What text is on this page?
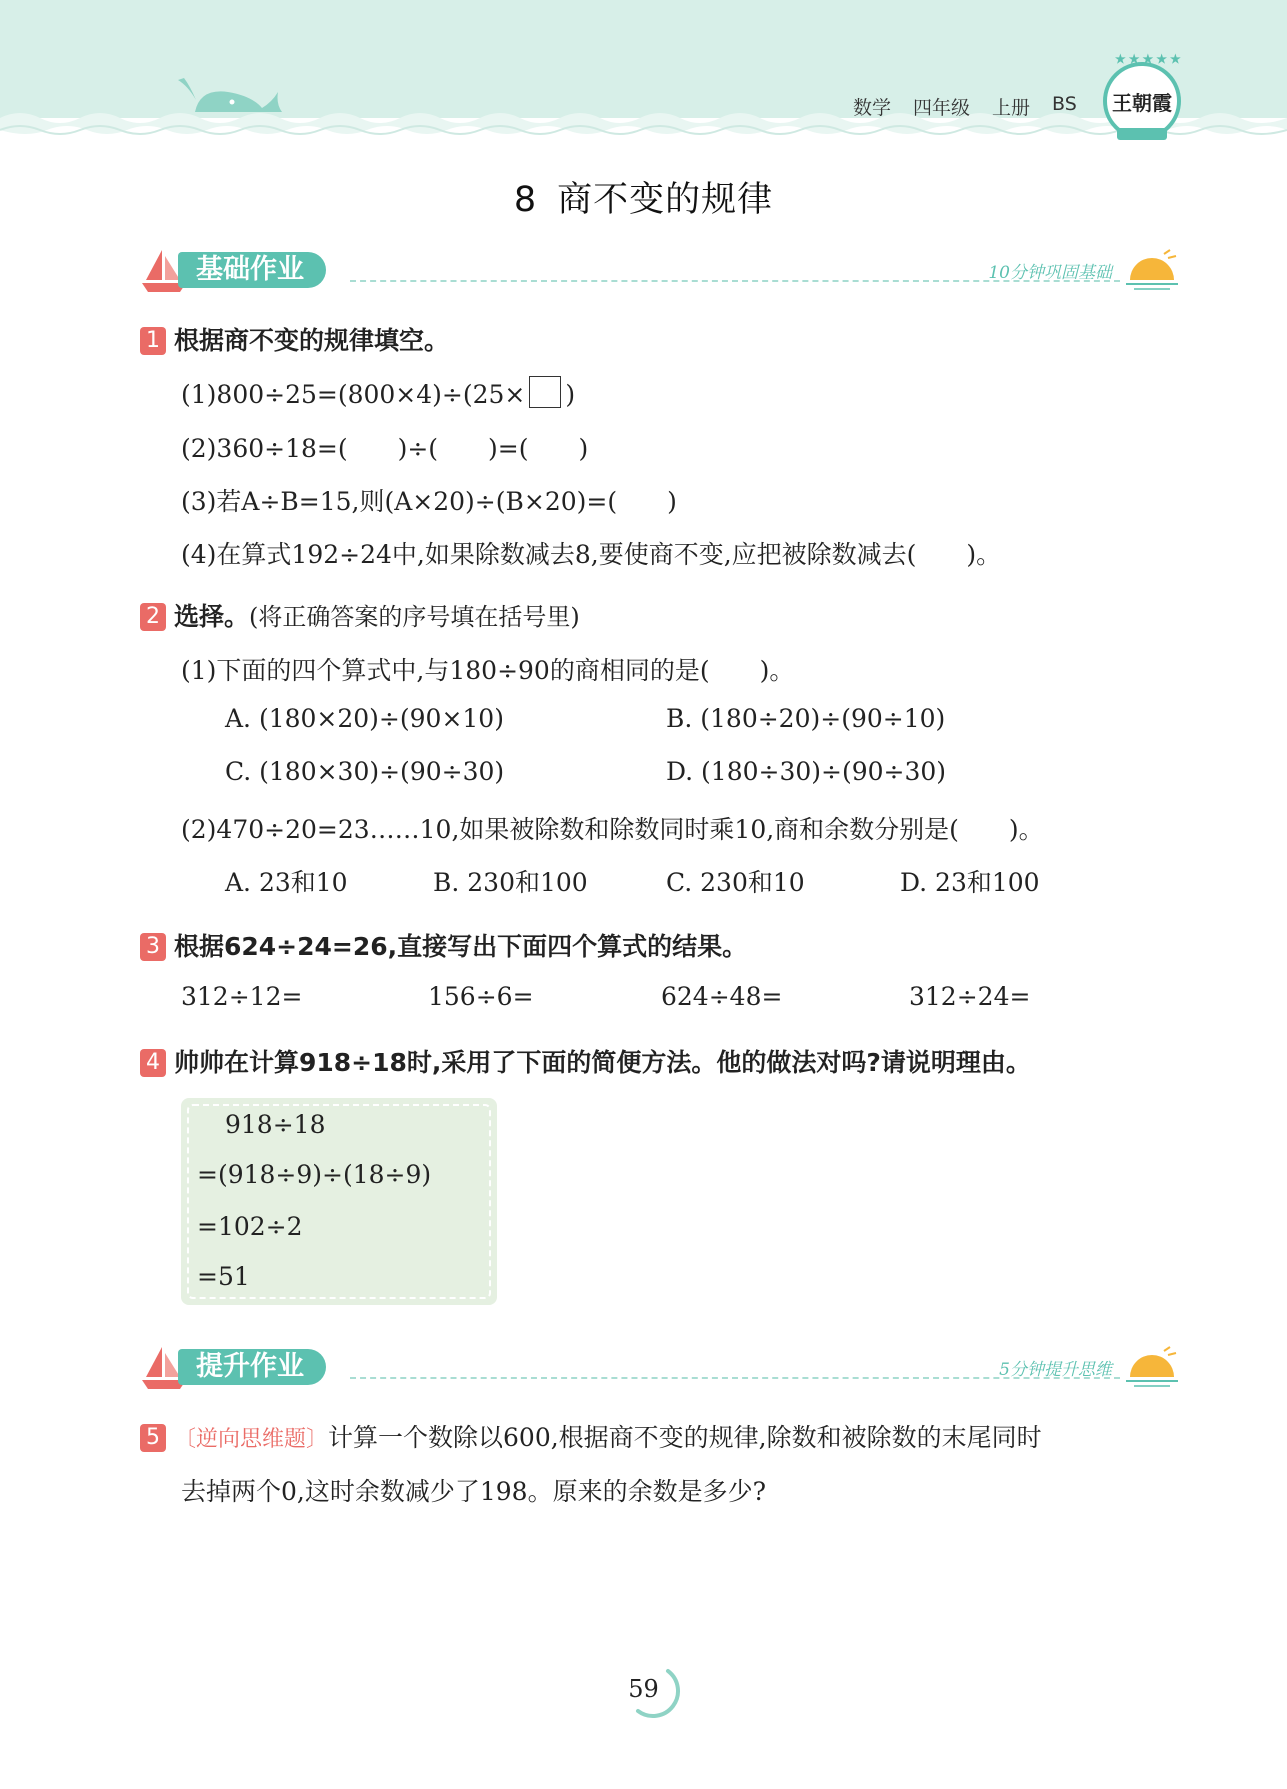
数学 四年级 上册 BS
★★★★★
王朝霞
8 商不变的规律
基础作业	10分钟巩固基础
1 根据商不变的规律填空。
(1)800÷25=(800×4)÷(25× )
(2)360÷18=(　　)÷(　　)=(　　)
(3)若A÷B=15,则(A×20)÷(B×20)=(　　)
(4)在算式192÷24中,如果除数减去8,要使商不变,应把被除数减去(　　)。
2 选择。(将正确答案的序号填在括号里)
(1)下面的四个算式中,与180÷90的商相同的是(　　)。
A. (180×20)÷(90×10)	B. (180÷20)÷(90÷10)
C. (180×30)÷(90÷30)	D. (180÷30)÷(90÷30)
(2)470÷20=23……10,如果被除数和除数同时乘10,商和余数分别是(　　)。
A. 23和10	B. 230和100	C. 230和10	D. 23和100
3 根据624÷24=26,直接写出下面四个算式的结果。
312÷12=	156÷6=	624÷48=	312÷24=
4 帅帅在计算918÷18时,采用了下面的简便方法。他的做法对吗?请说明理由。
918÷18
=(918÷9)÷(18÷9)
=102÷2
=51
提升作业	5分钟提升思维
5 〔逆向思维题〕计算一个数除以600,根据商不变的规律,除数和被除数的末尾同时
去掉两个0,这时余数减少了198。原来的余数是多少?
59
